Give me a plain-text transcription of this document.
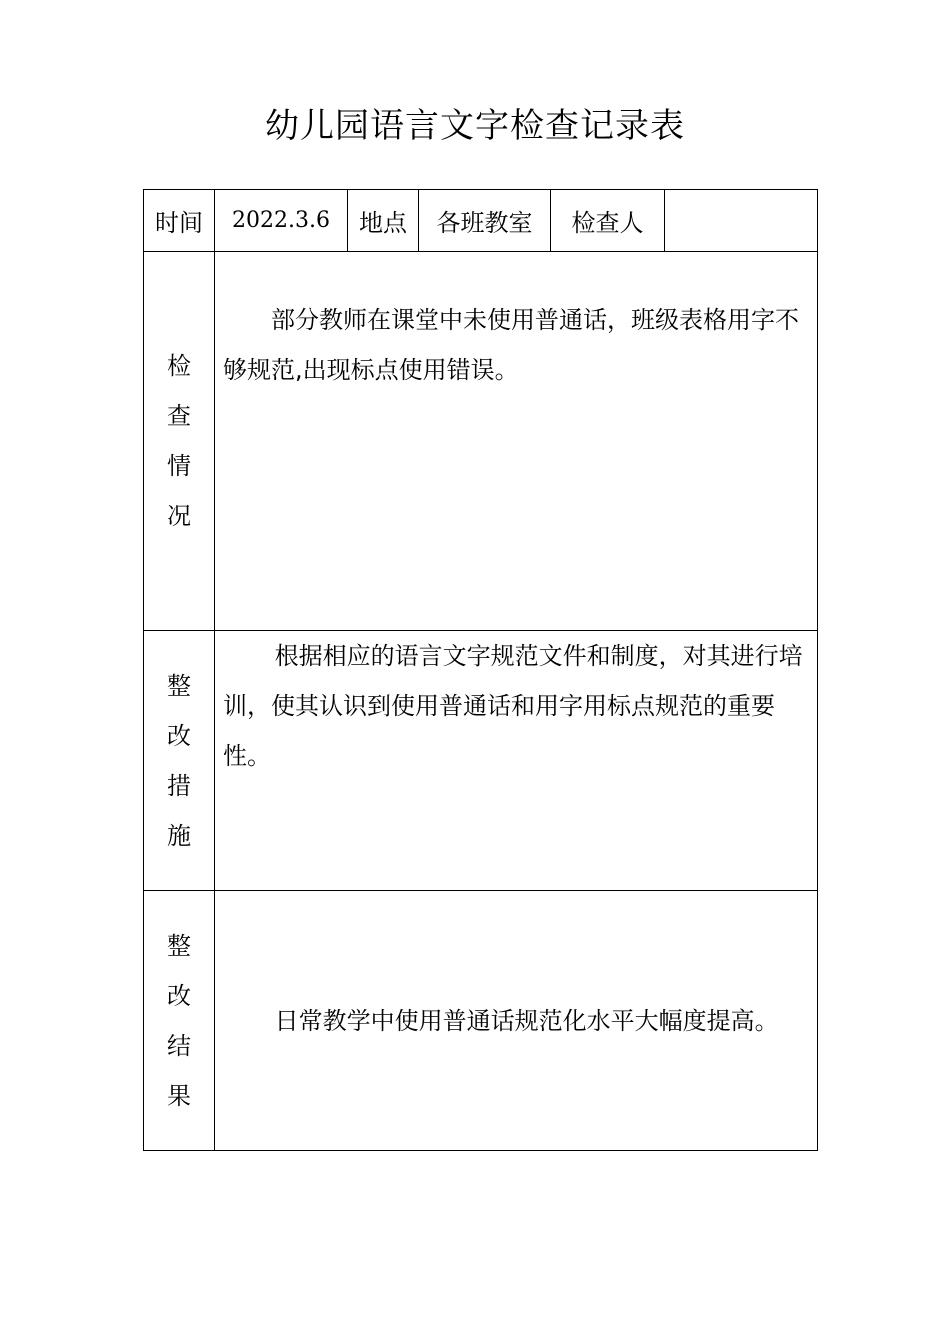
幼儿园语言文字检查记录表
时间	2022.3.6	地点	各班教室	检查人	

检
查
情
况	部分教师在课堂中未使用普通话，班级表格用字不够规范,出现标点使用错误。				

整
改
措
施	根据相应的语言文字规范文件和制度，对其进行培训，使其认识到使用普通话和用字用标点规范的重要性。				

整
改
结
果	日常教学中使用普通话规范化水平大幅度提高。				
